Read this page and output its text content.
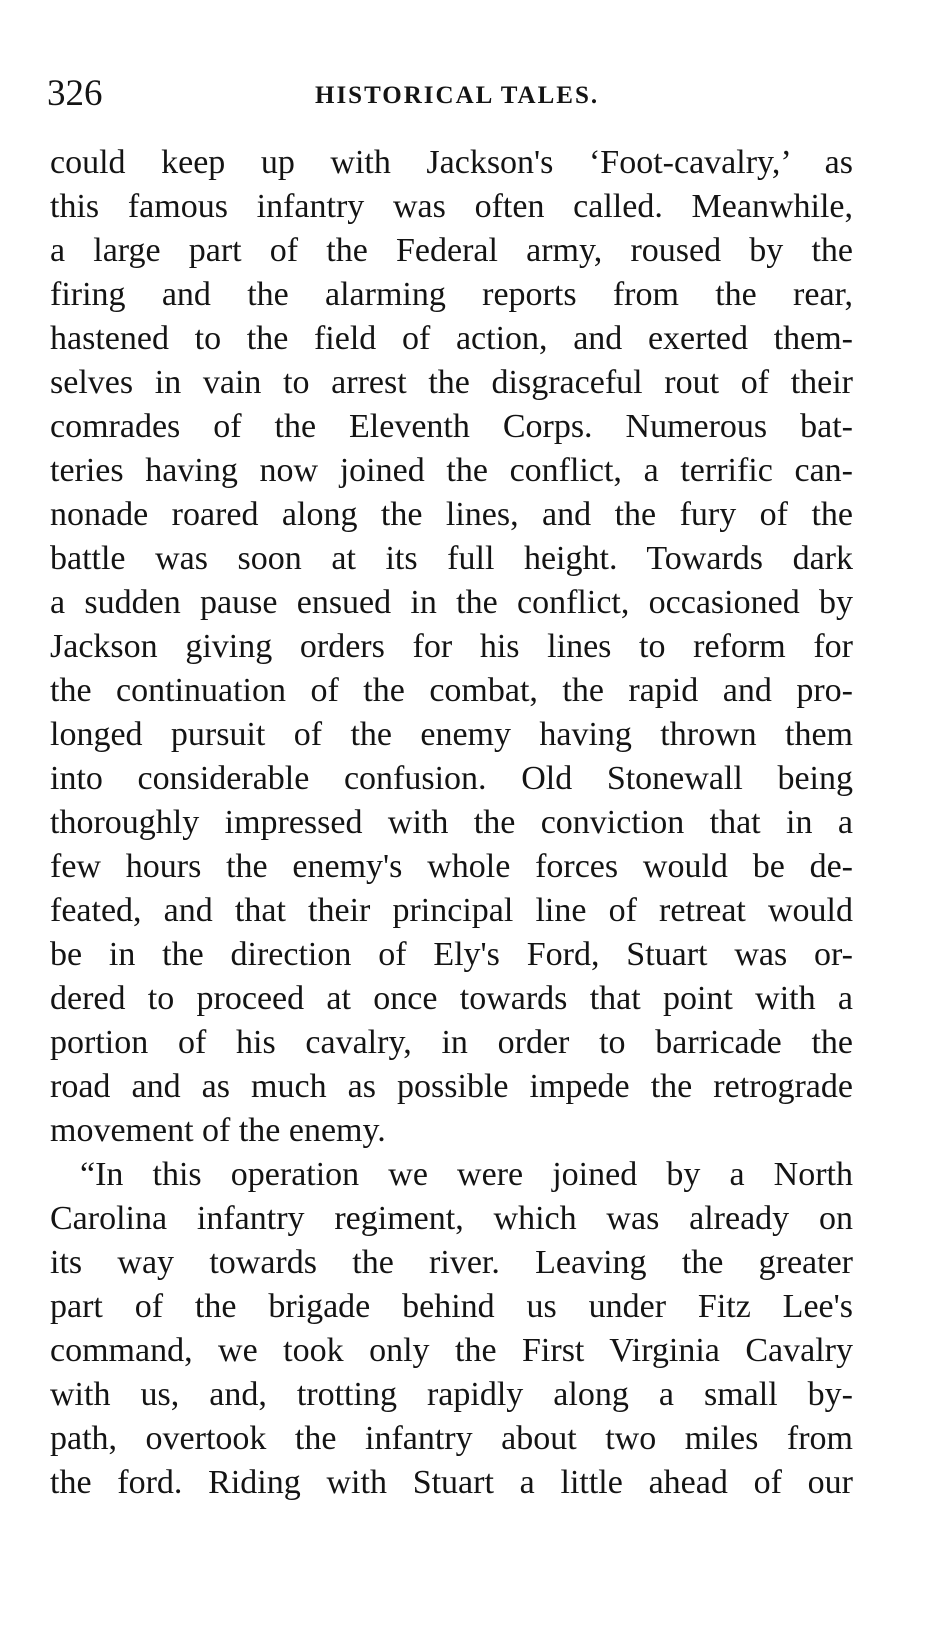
326	HISTORICAL TALES.
could keep up with Jackson's ‘Foot-cavalry,’ as
this famous infantry was often called. Meanwhile,
a large part of the Federal army, roused by the
firing and the alarming reports from the rear,
hastened to the field of action, and exerted them-
selves in vain to arrest the disgraceful rout of their
comrades of the Eleventh Corps. Numerous bat-
teries having now joined the conflict, a terrific can-
nonade roared along the lines, and the fury of the
battle was soon at its full height. Towards dark
a sudden pause ensued in the conflict, occasioned by
Jackson giving orders for his lines to reform for
the continuation of the combat, the rapid and pro-
longed pursuit of the enemy having thrown them
into considerable confusion. Old Stonewall being
thoroughly impressed with the conviction that in a
few hours the enemy's whole forces would be de-
feated, and that their principal line of retreat would
be in the direction of Ely's Ford, Stuart was or-
dered to proceed at once towards that point with a
portion of his cavalry, in order to barricade the
road and as much as possible impede the retrograde
movement of the enemy.
“In this operation we were joined by a North
Carolina infantry regiment, which was already on
its way towards the river. Leaving the greater
part of the brigade behind us under Fitz Lee's
command, we took only the First Virginia Cavalry
with us, and, trotting rapidly along a small by-
path, overtook the infantry about two miles from
the ford. Riding with Stuart a little ahead of our
